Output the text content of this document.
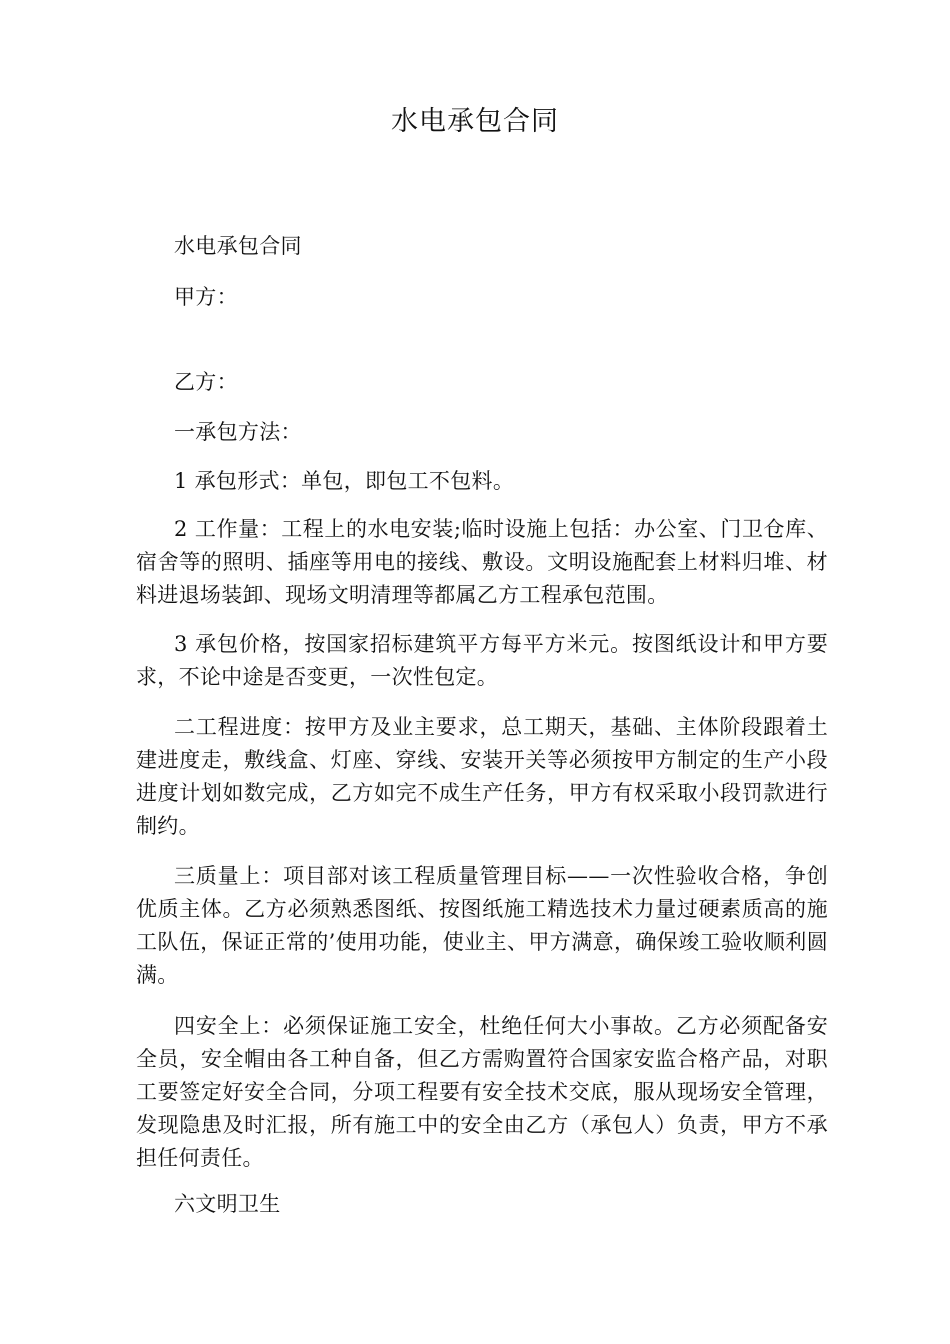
水电承包合同

水电承包合同

甲方：

乙方：

一承包方法：

1 承包形式：单包，即包工不包料。

2 工作量：工程上的水电安装;临时设施上包括：办公室、门卫仓库、宿舍等的照明、插座等用电的接线、敷设。文明设施配套上材料归堆、材料进退场装卸、现场文明清理等都属乙方工程承包范围。

3 承包价格，按国家招标建筑平方每平方米元。按图纸设计和甲方要求，不论中途是否变更，一次性包定。

二工程进度：按甲方及业主要求，总工期天，基础、主体阶段跟着土建进度走，敷线盒、灯座、穿线、安装开关等必须按甲方制定的生产小段进度计划如数完成，乙方如完不成生产任务，甲方有权采取小段罚款进行制约。

三质量上：项目部对该工程质量管理目标——一次性验收合格，争创优质主体。乙方必须熟悉图纸、按图纸施工精选技术力量过硬素质高的施工队伍，保证正常的’使用功能，使业主、甲方满意，确保竣工验收顺利圆满。

四安全上：必须保证施工安全，杜绝任何大小事故。乙方必须配备安全员，安全帽由各工种自备，但乙方需购置符合国家安监合格产品，对职工要签定好安全合同，分项工程要有安全技术交底，服从现场安全管理，发现隐患及时汇报，所有施工中的安全由乙方（承包人）负责，甲方不承担任何责任。

六文明卫生
